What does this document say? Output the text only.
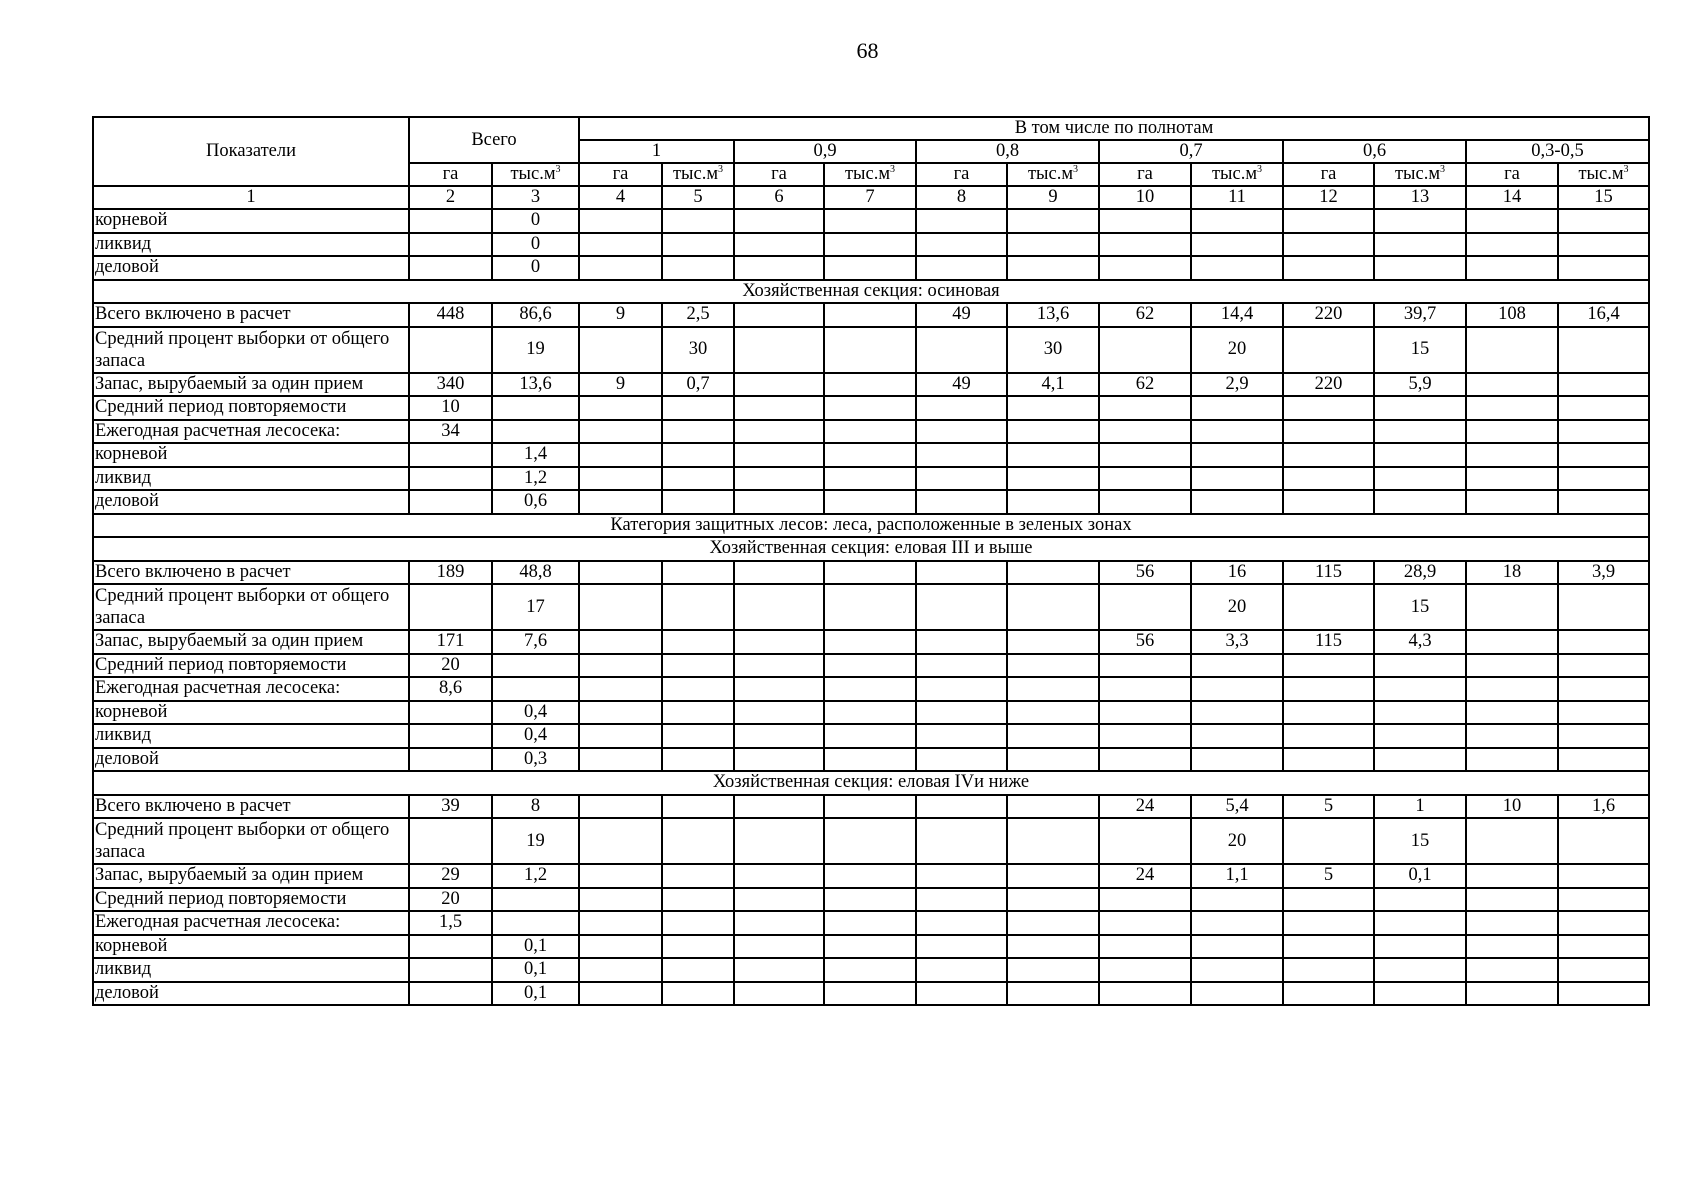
68
Показатели	Всего		В том числе по полнотам											
			1		0,9		0,8		0,7		0,6		0,3-0,5	
	га	$тыс.м^3$	га	$тыс.м^3$	га	$тыс.м^3$	га	$тыс.м^3$	га	$тыс.м^3$	га	$тыс.м^3$	га	$тыс.м^3$
1	2	3	4	5	6	7	8	9	10	11	12	13	14	15
корневой		0												
ликвид		0												
деловой		0												
Хозяйственная секция: осиновая														
Всего включено в расчет	448	86,6	9	2,5			49	13,6	62	14,4	220	39,7	108	16,4
Средний процент выборки от общего запаса		19		30				30		20		15		
Запас, вырубаемый за один прием	340	13,6	9	0,7			49	4,1	62	2,9	220	5,9		
Средний период повторяемости	10													
Ежегодная расчетная лесосека:	34													
корневой		1,4												
ликвид		1,2												
деловой		0,6												
Категория защитных лесов: леса, расположенные в зеленых зонах														
Хозяйственная секция: еловая III и выше														
Всего включено в расчет	189	48,8							56	16	115	28,9	18	3,9
Средний процент выборки от общего запаса		17								20		15		
Запас, вырубаемый за один прием	171	7,6							56	3,3	115	4,3		
Средний период повторяемости	20													
Ежегодная расчетная лесосека:	8,6													
корневой		0,4												
ликвид		0,4												
деловой		0,3												
Хозяйственная секция: еловая IVи ниже														
Всего включено в расчет	39	8							24	5,4	5	1	10	1,6
Средний процент выборки от общего запаса		19								20		15		
Запас, вырубаемый за один прием	29	1,2							24	1,1	5	0,1		
Средний период повторяемости	20													
Ежегодная расчетная лесосека:	1,5													
корневой		0,1												
ликвид		0,1												
деловой		0,1												
